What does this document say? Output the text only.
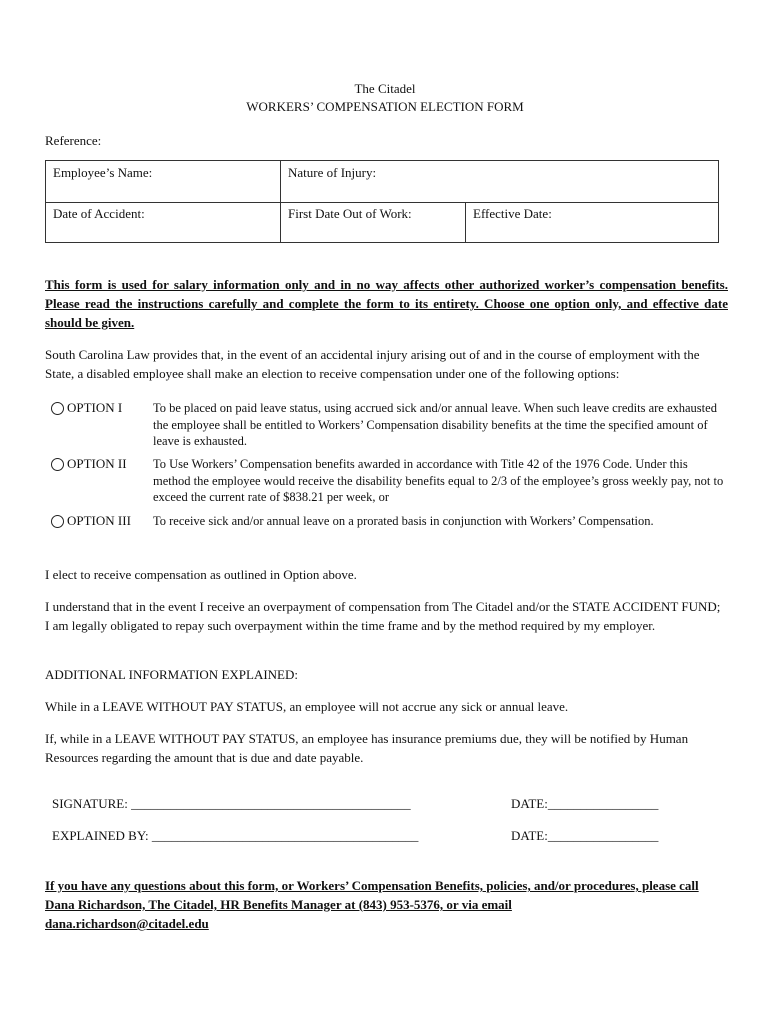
The Citadel
WORKERS’ COMPENSATION ELECTION FORM
Reference:
Employee’s Name:	Nature of Injury:
Date of Accident:	First Date Out of Work:	Effective Date:
This form is used for salary information only and in no way affects other authorized worker’s compensation benefits. Please read the instructions carefully and complete the form to its entirety. Choose one option only, and effective date should be given.
South Carolina Law provides that, in the event of an accidental injury arising out of and in the course of employment with the State, a disabled employee shall make an election to receive compensation under one of the following options:
OPTION I To be placed on paid leave status, using accrued sick and/or annual leave. When such leave credits are exhausted the employee shall be entitled to Workers’ Compensation disability benefits at the time the specified amount of leave is exhausted.
OPTION II To Use Workers’ Compensation benefits awarded in accordance with Title 42 of the 1976 Code. Under this method the employee would receive the disability benefits equal to 2/3 of the employee’s gross weekly pay, not to exceed the current rate of $838.21 per week, or
OPTION III To receive sick and/or annual leave on a prorated basis in conjunction with Workers’ Compensation.
I elect to receive compensation as outlined in Option above.
I understand that in the event I receive an overpayment of compensation from The Citadel and/or the STATE ACCIDENT FUND; I am legally obligated to repay such overpayment within the time frame and by the method required by my employer.
ADDITIONAL INFORMATION EXPLAINED:
While in a LEAVE WITHOUT PAY STATUS, an employee will not accrue any sick or annual leave.
If, while in a LEAVE WITHOUT PAY STATUS, an employee has insurance premiums due, they will be notified by Human Resources regarding the amount that is due and date payable.
SIGNATURE: ___________________________________________	DATE:_________________
EXPLAINED BY: _________________________________________	DATE:_________________
If you have any questions about this form, or Workers’ Compensation Benefits, policies, and/or procedures, please call Dana Richardson, The Citadel, HR Benefits Manager at (843) 953-5376, or via email
dana.richardson@citadel.edu
